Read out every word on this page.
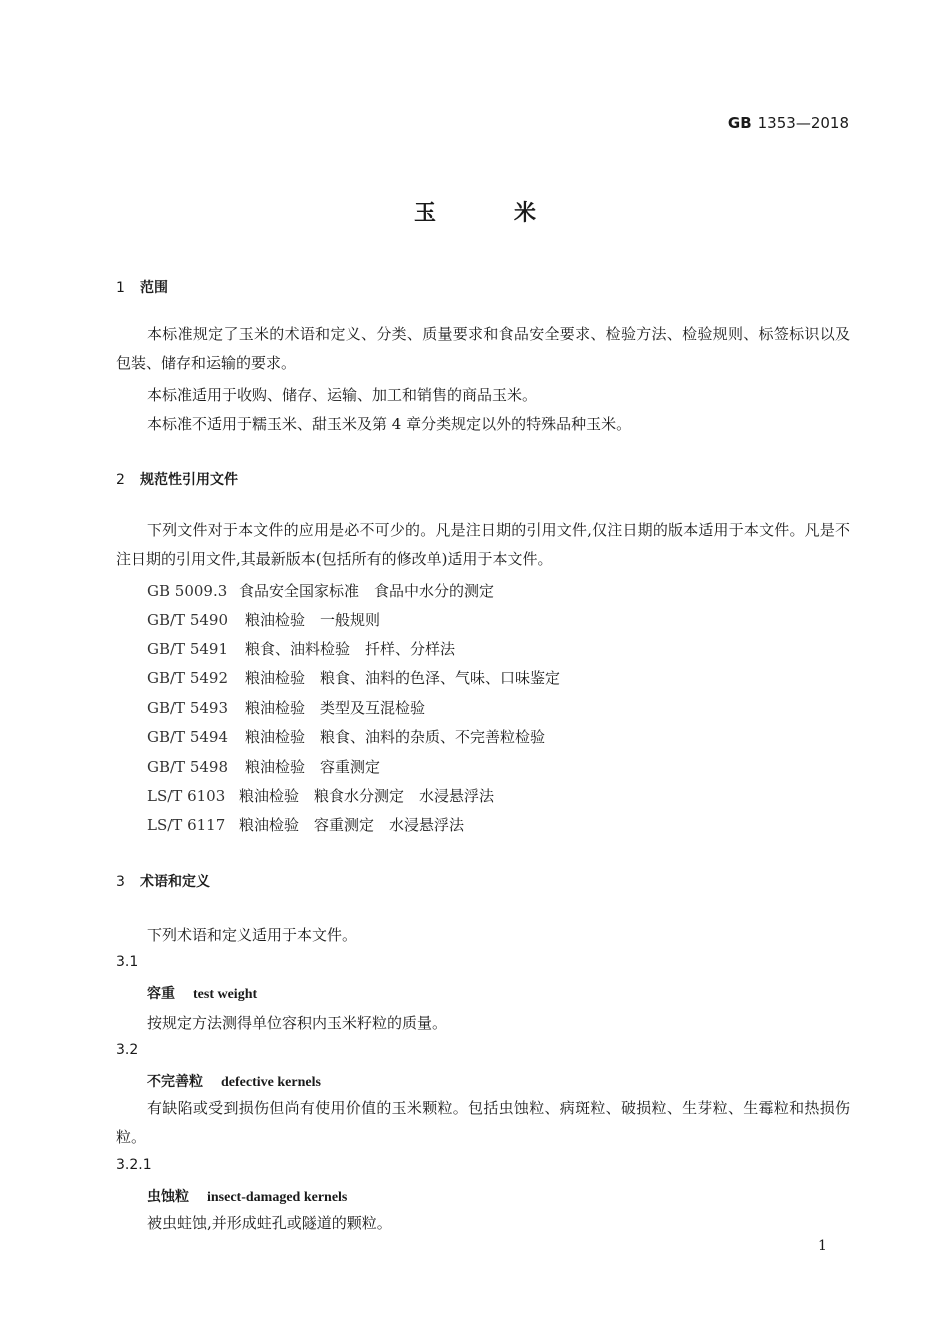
GB 1353—2018
玉米
1 范围
本标准规定了玉米的术语和定义、分类、质量要求和食品安全要求、检验方法、检验规则、标签标识以及包装、储存和运输的要求。
本标准适用于收购、储存、运输、加工和销售的商品玉米。
本标准不适用于糯玉米、甜玉米及第 4 章分类规定以外的特殊品种玉米。
2 规范性引用文件
下列文件对于本文件的应用是必不可少的。凡是注日期的引用文件,仅注日期的版本适用于本文件。凡是不注日期的引用文件,其最新版本(包括所有的修改单)适用于本文件。
GB 5009.3 食品安全国家标准　食品中水分的测定
GB/T 5490 粮油检验　一般规则
GB/T 5491 粮食、油料检验　扦样、分样法
GB/T 5492 粮油检验　粮食、油料的色泽、气味、口味鉴定
GB/T 5493 粮油检验　类型及互混检验
GB/T 5494 粮油检验　粮食、油料的杂质、不完善粒检验
GB/T 5498 粮油检验　容重测定
LS/T 6103 粮油检验　粮食水分测定　水浸悬浮法
LS/T 6117 粮油检验　容重测定　水浸悬浮法
3 术语和定义
下列术语和定义适用于本文件。
3.1
容重 test weight
按规定方法测得单位容积内玉米籽粒的质量。
3.2
不完善粒 defective kernels
有缺陷或受到损伤但尚有使用价值的玉米颗粒。包括虫蚀粒、病斑粒、破损粒、生芽粒、生霉粒和热损伤粒。
3.2.1
虫蚀粒 insect-damaged kernels
被虫蛀蚀,并形成蛀孔或隧道的颗粒。
1
